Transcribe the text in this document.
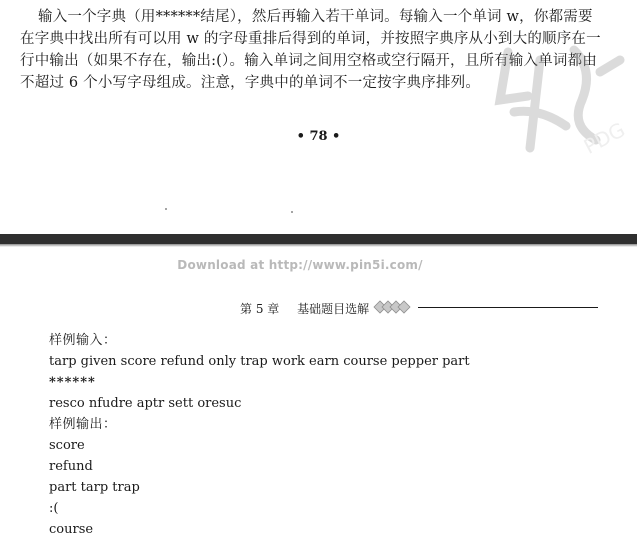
输入一个字典（用******结尾），然后再输入若干单词。每输入一个单词 w，你都需要
在字典中找出所有可以用 w 的字母重排后得到的单词，并按照字典序从小到大的顺序在一
行中输出（如果不存在，输出:(）。输入单词之间用空格或空行隔开，且所有输入单词都由
不超过 6 个小写字母组成。注意，字典中的单词不一定按字典序排列。
PDG
• 78 •
Download at http://www.pin5i.com/
第 5 章 基础题目选解
样例输入：
tarp given score refund only trap work earn course pepper part
******
resco nfudre aptr sett oresuc
样例输出：
score
refund
part tarp trap
:(
course
